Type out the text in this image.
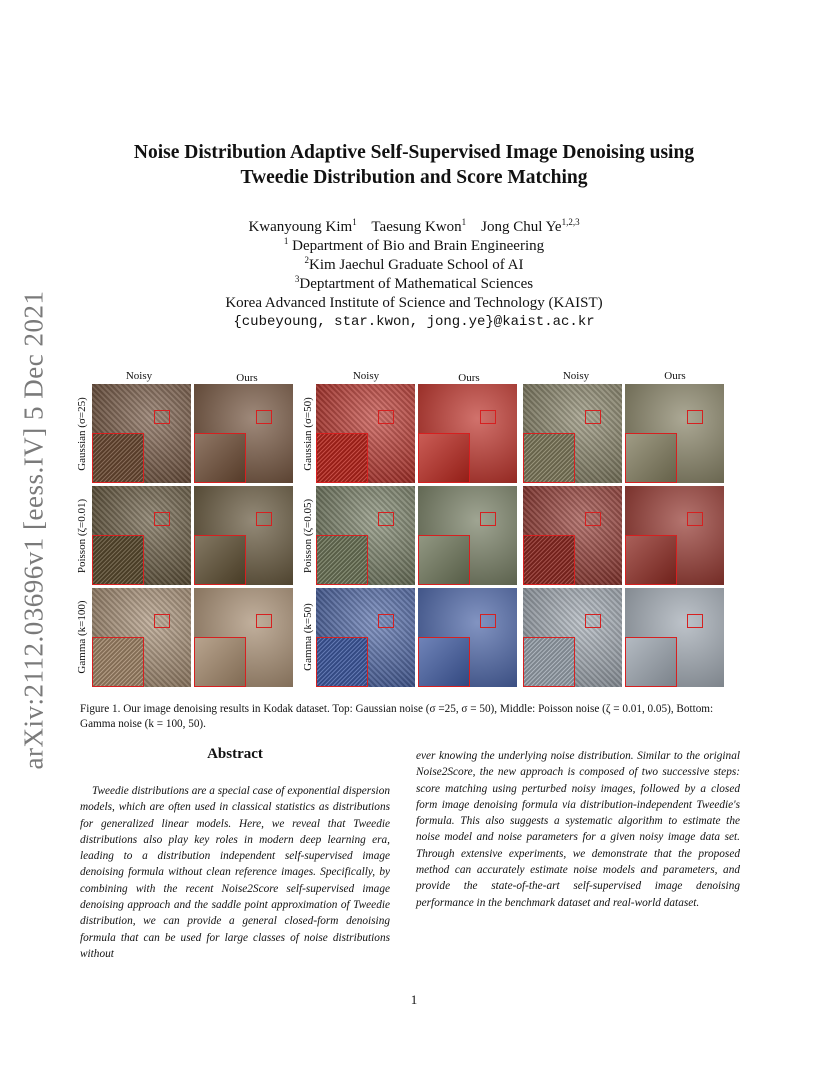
arXiv:2112.03696v1 [eess.IV] 5 Dec 2021
Noise Distribution Adaptive Self-Supervised Image Denoising using
Tweedie Distribution and Score Matching
Kwanyoung Kim$^1$ Taesung Kwon$^1$ Jong Chul Ye$^{1,2,3}$
$^1$ Department of Bio and Brain Engineering
$^2$Kim Jaechul Graduate School of AI
$^3$Deptartment of Mathematical Sciences
Korea Advanced Institute of Science and Technology (KAIST)
{cubeyoung, star.kwon, jong.ye}@kaist.ac.kr
Noisy	Ours	Noisy	Ours	Noisy	Ours
Gaussian (σ=25)
Poisson (ζ=0.01)
Gamma (k=100)
Gaussian (σ=50)
Poisson (ζ=0.05)
Gamma (k=50)
Figure 1. Our image denoising results in Kodak dataset. Top: Gaussian noise (σ =25, σ = 50), Middle: Poisson noise (ζ = 0.01, 0.05), Bottom: Gamma noise (k = 100, 50).
Abstract
Tweedie distributions are a special case of exponential dispersion models, which are often used in classical statistics as distributions for generalized linear models. Here, we reveal that Tweedie distributions also play key roles in modern deep learning era, leading to a distribution independent self-supervised image denoising formula without clean reference images. Specifically, by combining with the recent Noise2Score self-supervised image denoising approach and the saddle point approximation of Tweedie distribution, we can provide a general closed-form denoising formula that can be used for large classes of noise distributions without
ever knowing the underlying noise distribution. Similar to the original Noise2Score, the new approach is composed of two successive steps: score matching using perturbed noisy images, followed by a closed form image denoising formula via distribution-independent Tweedie's formula. This also suggests a systematic algorithm to estimate the noise model and noise parameters for a given noisy image data set. Through extensive experiments, we demonstrate that the proposed method can accurately estimate noise models and parameters, and provide the state-of-the-art self-supervised image denoising performance in the benchmark dataset and real-world dataset.
1
